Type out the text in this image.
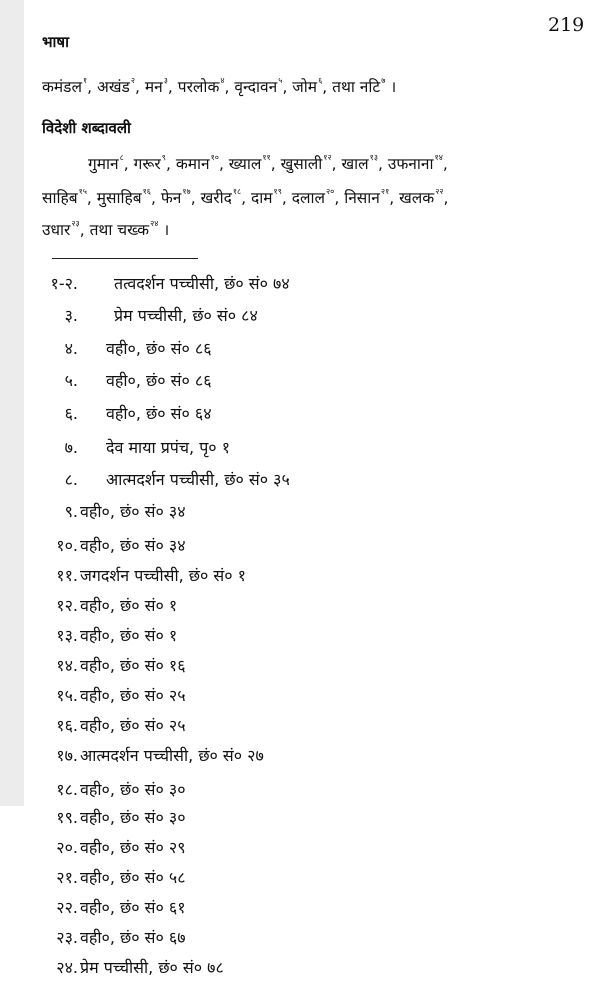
219
भाषा
कमंडल$^१$, अखंड$^२$, मन$^३$, परलोक$^४$, वृन्दावन$^५$, जोम$^६$, तथा नटि$^७$ ।
विदेशी शब्दावली
गुमान$^८$, गरूर$^९$, कमान$^{१०}$, ख्याल$^{११}$, खुसाली$^{१२}$, खाल$^{१३}$, उफनाना$^{१४}$,
साहिब$^{१५}$, मुसाहिब$^{१६}$, फेन$^{१७}$, खरीद$^{१८}$, दाम$^{१९}$, दलाल$^{२०}$, निसान$^{२१}$, खलक$^{२२}$,
उधार$^{२३}$, तथा चख्क$^{२४}$ ।
१-२. तत्वदर्शन पच्चीसी, छं० सं० ७४
३. प्रेम पच्चीसी, छं० सं० ८४
४. वही०, छं० सं० ८६
५. वही०, छं० सं० ८६
६. वही०, छं० सं० ६४
७. देव माया प्रपंच, पृ० १
८. आत्मदर्शन पच्चीसी, छं० सं० ३५
९. वही०, छं० सं० ३४
१०. वही०, छं० सं० ३४
११. जगदर्शन पच्चीसी, छं० सं० १
१२. वही०, छं० सं० १
१३. वही०, छं० सं० १
१४. वही०, छं० सं० १६
१५. वही०, छं० सं० २५
१६. वही०, छं० सं० २५
१७. आत्मदर्शन पच्चीसी, छं० सं० २७
१८. वही०, छं० सं० ३०
१९. वही०, छं० सं० ३०
२०. वही०, छं० सं० २९
२१. वही०, छं० सं० ५८
२२. वही०, छं० सं० ६१
२३. वही०, छं० सं० ६७
२४. प्रेम पच्चीसी, छं० सं० ७८
